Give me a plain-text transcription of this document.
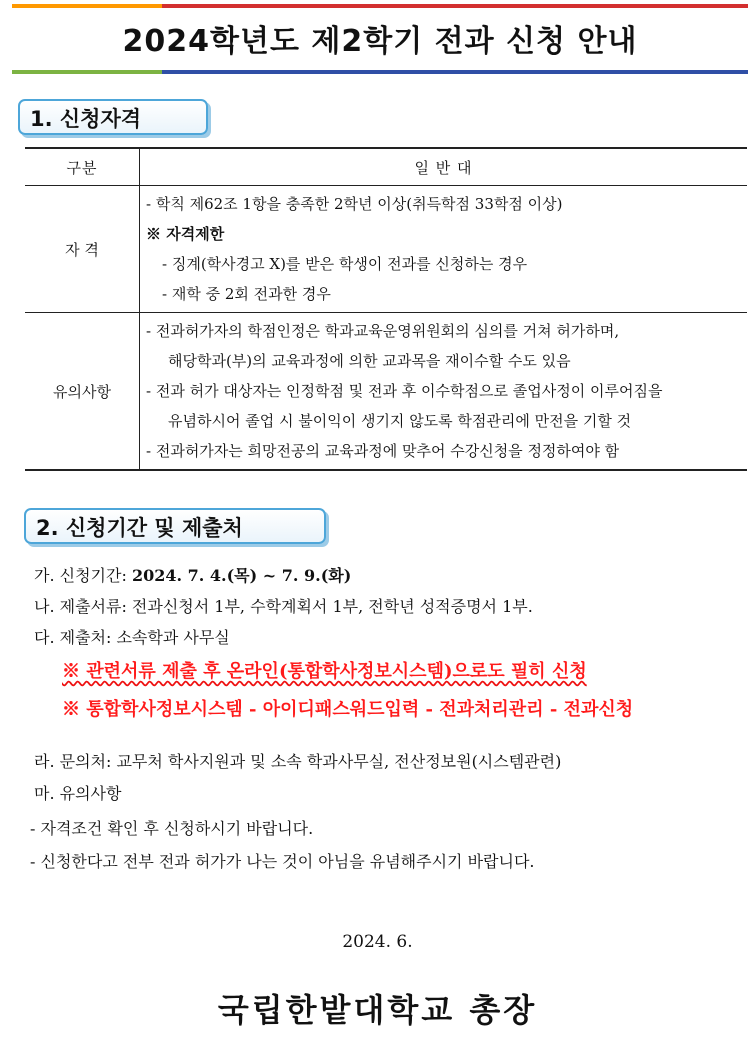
2024학년도 제2학기 전과 신청 안내
1. 신청자격
구분	일 반 대
자 격	- 학칙 제62조 1항을 충족한 2학년 이상(취득학점 33학점 이상)
※ 자격제한
- 징계(학사경고 X)를 받은 학생이 전과를 신청하는 경우
- 재학 중 2회 전과한 경우

유의사항	- 전과허가자의 학점인정은 학과교육운영위원회의 심의를 거쳐 허가하며,
해당학과(부)의 교육과정에 의한 교과목을 재이수할 수도 있음
- 전과 허가 대상자는 인정학점 및 전과 후 이수학점으로 졸업사정이 이루어짐을
유념하시어 졸업 시 불이익이 생기지 않도록 학점관리에 만전을 기할 것
- 전과허가자는 희망전공의 교육과정에 맞추어 수강신청을 정정하여야 함
2. 신청기간 및 제출처
가. 신청기간: 2024. 7. 4.(목) ~ 7. 9.(화)
나. 제출서류: 전과신청서 1부, 수학계획서 1부, 전학년 성적증명서 1부.
다. 제출처: 소속학과 사무실
※ 관련서류 제출 후 온라인(통합학사정보시스템)으로도 필히 신청
※ 통합학사정보시스템 - 아이디패스워드입력 - 전과처리관리 - 전과신청
라. 문의처: 교무처 학사지원과 및 소속 학과사무실, 전산정보원(시스템관련)
마. 유의사항
- 자격조건 확인 후 신청하시기 바랍니다.
- 신청한다고 전부 전과 허가가 나는 것이 아님을 유념해주시기 바랍니다.
2024. 6.
국립한밭대학교 총장
